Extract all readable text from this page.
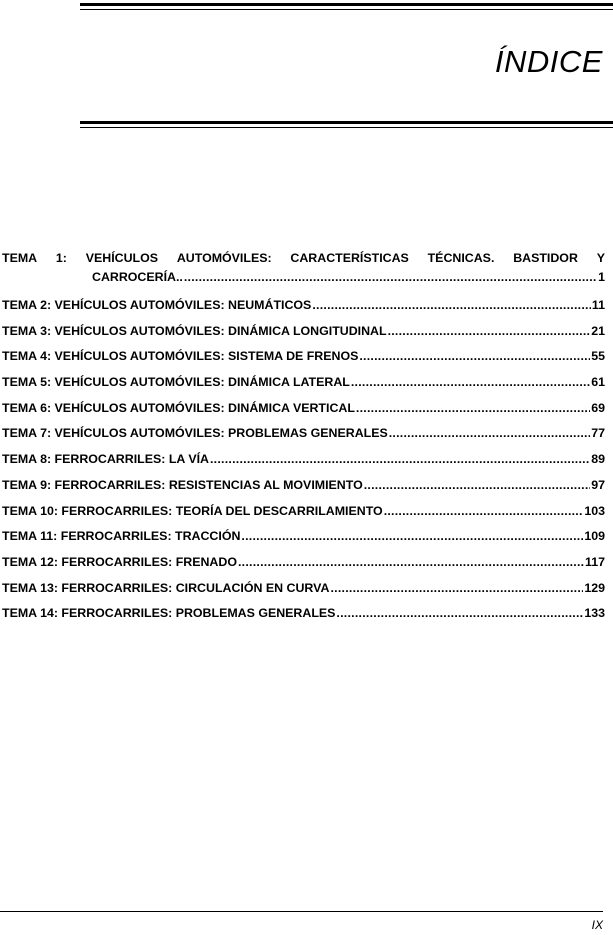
ÍNDICE
TEMA 1: VEHÍCULOS AUTOMÓVILES: CARACTERÍSTICAS TÉCNICAS. BASTIDOR Y
CARROCERÍA.. . . .	1
TEMA 2: VEHÍCULOS AUTOMÓVILES: NEUMÁTICOS . . .	11
TEMA 3: VEHÍCULOS AUTOMÓVILES: DINÁMICA LONGITUDINAL . . .	21
TEMA 4: VEHÍCULOS AUTOMÓVILES: SISTEMA DE FRENOS . . .	55
TEMA 5: VEHÍCULOS AUTOMÓVILES: DINÁMICA LATERAL . . .	61
TEMA 6: VEHÍCULOS AUTOMÓVILES: DINÁMICA VERTICAL . . .	69
TEMA 7: VEHÍCULOS AUTOMÓVILES: PROBLEMAS GENERALES . . .	77
TEMA 8: FERROCARRILES: LA VÍA . . .	89
TEMA 9: FERROCARRILES: RESISTENCIAS AL MOVIMIENTO . . .	97
TEMA 10: FERROCARRILES: TEORÍA DEL DESCARRILAMIENTO . . .	103
TEMA 11: FERROCARRILES: TRACCIÓN . . .	109
TEMA 12: FERROCARRILES: FRENADO . . .	117
TEMA 13: FERROCARRILES: CIRCULACIÓN EN CURVA . . .	129
TEMA 14: FERROCARRILES: PROBLEMAS GENERALES . . .	133

IX
